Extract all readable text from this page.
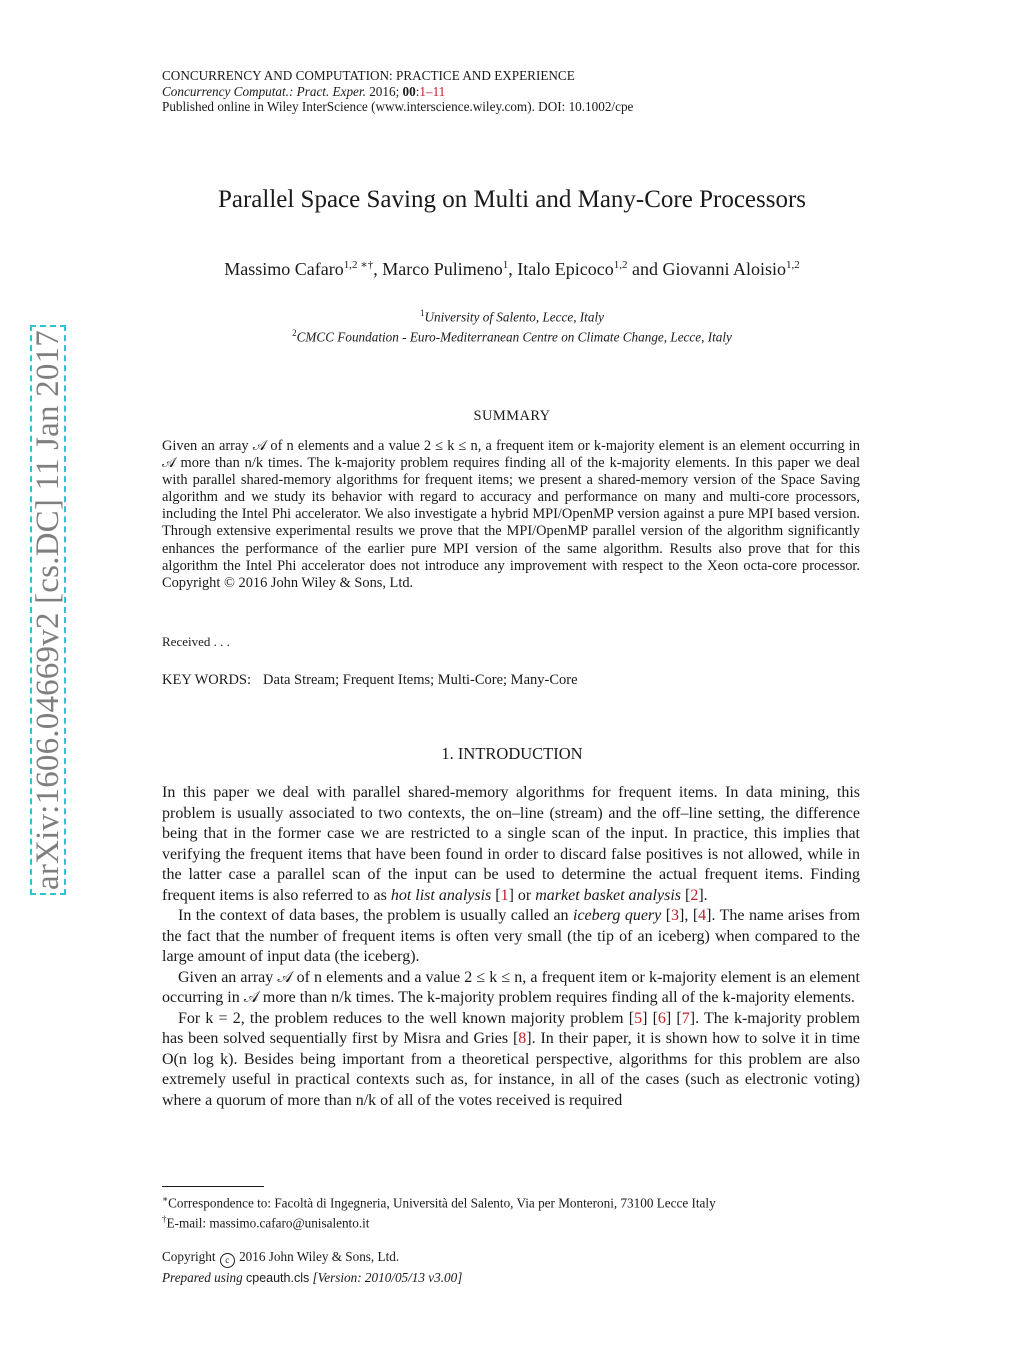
arXiv:1606.04669v2 [cs.DC] 11 Jan 2017
CONCURRENCY AND COMPUTATION: PRACTICE AND EXPERIENCE
Concurrency Computat.: Pract. Exper. 2016; 00:1–11
Published online in Wiley InterScience (www.interscience.wiley.com). DOI: 10.1002/cpe
Parallel Space Saving on Multi and Many-Core Processors
Massimo Cafaro$^{1,2 ∗\dagger}$, Marco Pulimeno$^1$, Italo Epicoco$^{1,2}$ and Giovanni Aloisio$^{1,2}$
$^1$University of Salento, Lecce, Italy
$^2$CMCC Foundation - Euro-Mediterranean Centre on Climate Change, Lecce, Italy
SUMMARY

Given an array 𝒜 of n elements and a value 2 ≤ k ≤ n, a frequent item or k-majority element is an element occurring in 𝒜 more than n/k times. The k-majority problem requires finding all of the k-majority elements. In this paper we deal with parallel shared-memory algorithms for frequent items; we present a shared-memory version of the Space Saving algorithm and we study its behavior with regard to accuracy and performance on many and multi-core processors, including the Intel Phi accelerator. We also investigate a hybrid MPI/OpenMP version against a pure MPI based version. Through extensive experimental results we prove that the MPI/OpenMP parallel version of the algorithm significantly enhances the performance of the earlier pure MPI version of the same algorithm. Results also prove that for this algorithm the Intel Phi accelerator does not introduce any improvement with respect to the Xeon octa-core processor. Copyright © 2016 John Wiley & Sons, Ltd.

Received . . .
KEY WORDS: Data Stream; Frequent Items; Multi-Core; Many-Core
1. INTRODUCTION

In this paper we deal with parallel shared-memory algorithms for frequent items. In data mining, this problem is usually associated to two contexts, the on–line (stream) and the off–line setting, the difference being that in the former case we are restricted to a single scan of the input. In practice, this implies that verifying the frequent items that have been found in order to discard false positives is not allowed, while in the latter case a parallel scan of the input can be used to determine the actual frequent items. Finding frequent items is also referred to as hot list analysis [1] or market basket analysis [2].

In the context of data bases, the problem is usually called an iceberg query [3], [4]. The name arises from the fact that the number of frequent items is often very small (the tip of an iceberg) when compared to the large amount of input data (the iceberg).

Given an array 𝒜 of n elements and a value 2 ≤ k ≤ n, a frequent item or k-majority element is an element occurring in 𝒜 more than n/k times. The k-majority problem requires finding all of the k-majority elements.

For k = 2, the problem reduces to the well known majority problem [5] [6] [7]. The k-majority problem has been solved sequentially first by Misra and Gries [8]. In their paper, it is shown how to solve it in time O(n log k). Besides being important from a theoretical perspective, algorithms for this problem are also extremely useful in practical contexts such as, for instance, in all of the cases (such as electronic voting) where a quorum of more than n/k of all of the votes received is required

∗Correspondence to: Facoltà di Ingegneria, Università del Salento, Via per Monteroni, 73100 Lecce Italy
†E-mail: massimo.cafaro@unisalento.it
Copyright c 2016 John Wiley & Sons, Ltd.
Prepared using cpeauth.cls [Version: 2010/05/13 v3.00]
